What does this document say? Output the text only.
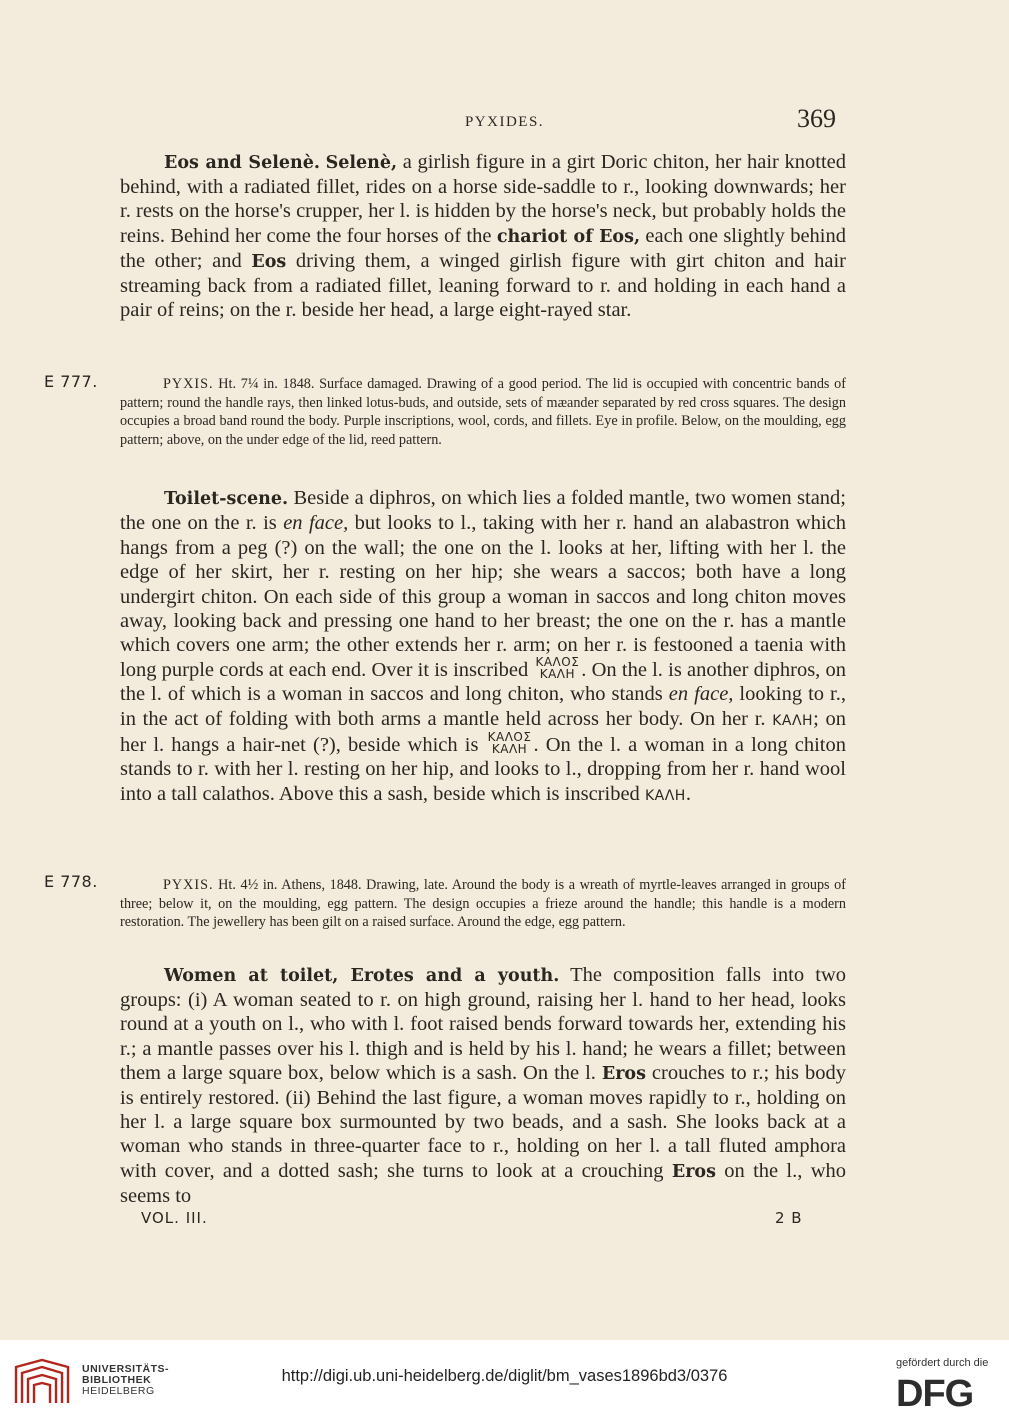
PYXIDES.	369

Eos and Selenè. Selenè, a girlish figure in a girt Doric chiton, her hair knotted behind, with a radiated fillet, rides on a horse side-saddle to r., looking downwards; her r. rests on the horse's crupper, her l. is hidden by the horse's neck, but probably holds the reins. Behind her come the four horses of the chariot of Eos, each one slightly behind the other; and Eos driving them, a winged girlish figure with girt chiton and hair streaming back from a radiated fillet, leaning forward to r. and holding in each hand a pair of reins; on the r. beside her head, a large eight-rayed star.

E 777.	PYXIS. Ht. 7¼ in. 1848. Surface damaged. Drawing of a good period. The lid is occupied with concentric bands of pattern; round the handle rays, then linked lotus-buds, and outside, sets of mæander separated by red cross squares. The design occupies a broad band round the body. Purple inscriptions, wool, cords, and fillets. Eye in profile. Below, on the moulding, egg pattern; above, on the under edge of the lid, reed pattern.

Toilet-scene. Beside a diphros, on which lies a folded mantle, two women stand; the one on the r. is en face, but looks to l., taking with her r. hand an alabastron which hangs from a peg (?) on the wall; the one on the l. looks at her, lifting with her l. the edge of her skirt, her r. resting on her hip; she wears a saccos; both have a long undergirt chiton. On each side of this group a woman in saccos and long chiton moves away, looking back and pressing one hand to her breast; the one on the r. has a mantle which covers one arm; the other extends her r. arm; on her r. is festooned a taenia with long purple cords at each end. Over it is inscribed ΚΑΛΟΣ
ΚΑΛΗ . On the l. is another diphros, on the l. of which is a woman in saccos and long chiton, who stands en face, looking to r., in the act of folding with both arms a mantle held across her body. On her r. ΚΑΛΗ; on her l. hangs a hair-net (?), beside which is ΚΑΛΟΣ
ΚΑΛΗ . On the l. a woman in a long chiton stands to r. with her l. resting on her hip, and looks to l., dropping from her r. hand wool into a tall calathos. Above this a sash, beside which is inscribed ΚΑΛΗ.

E 778.	PYXIS. Ht. 4½ in. Athens, 1848. Drawing, late. Around the body is a wreath of myrtle-leaves arranged in groups of three; below it, on the moulding, egg pattern. The design occupies a frieze around the handle; this handle is a modern restoration. The jewellery has been gilt on a raised surface. Around the edge, egg pattern.

Women at toilet, Erotes and a youth. The composition falls into two groups: (i) A woman seated to r. on high ground, raising her l. hand to her head, looks round at a youth on l., who with l. foot raised bends forward towards her, extending his r.; a mantle passes over his l. thigh and is held by his l. hand; he wears a fillet; between them a large square box, below which is a sash. On the l. Eros crouches to r.; his body is entirely restored. (ii) Behind the last figure, a woman moves rapidly to r., holding on her l. a large square box surmounted by two beads, and a sash. She looks back at a woman who stands in three-quarter face to r., holding on her l. a tall fluted amphora with cover, and a dotted sash; she turns to look at a crouching Eros on the l., who seems to

VOL. III.	2 B
UNIVERSITÄTS-
BIBLIOTHEK
HEIDELBERG
http://digi.ub.uni-heidelberg.de/diglit/bm_vases1896bd3/0376
gefördert durch die
DFG
